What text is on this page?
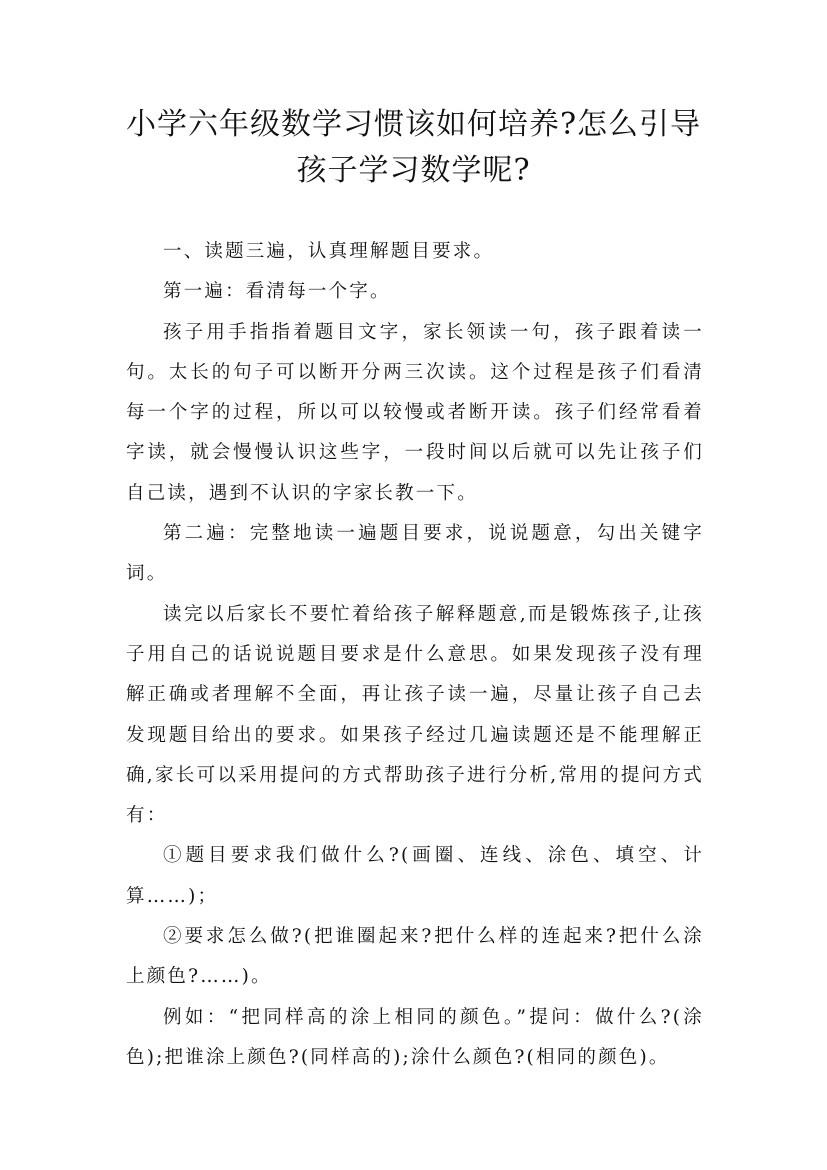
小学六年级数学习惯该如何培养?怎么引导
孩子学习数学呢?

一、读题三遍，认真理解题目要求。

第一遍：看清每一个字。

孩子用手指指着题目文字，家长领读一句，孩子跟着读一句。太长的句子可以断开分两三次读。这个过程是孩子们看清每一个字的过程，所以可以较慢或者断开读。孩子们经常看着字读，就会慢慢认识这些字，一段时间以后就可以先让孩子们自己读，遇到不认识的字家长教一下。

第二遍：完整地读一遍题目要求，说说题意，勾出关键字词。

读完以后家长不要忙着给孩子解释题意,而是锻炼孩子,让孩子用自己的话说说题目要求是什么意思。如果发现孩子没有理解正确或者理解不全面，再让孩子读一遍，尽量让孩子自己去发现题目给出的要求。如果孩子经过几遍读题还是不能理解正确,家长可以采用提问的方式帮助孩子进行分析,常用的提问方式有：

①题目要求我们做什么?(画圈、连线、涂色、填空、计算……)；

②要求怎么做?(把谁圈起来?把什么样的连起来?把什么涂上颜色?……)。

例如：“把同样高的涂上相同的颜色。”提问：做什么?(涂色);把谁涂上颜色?(同样高的);涂什么颜色?(相同的颜色)。
